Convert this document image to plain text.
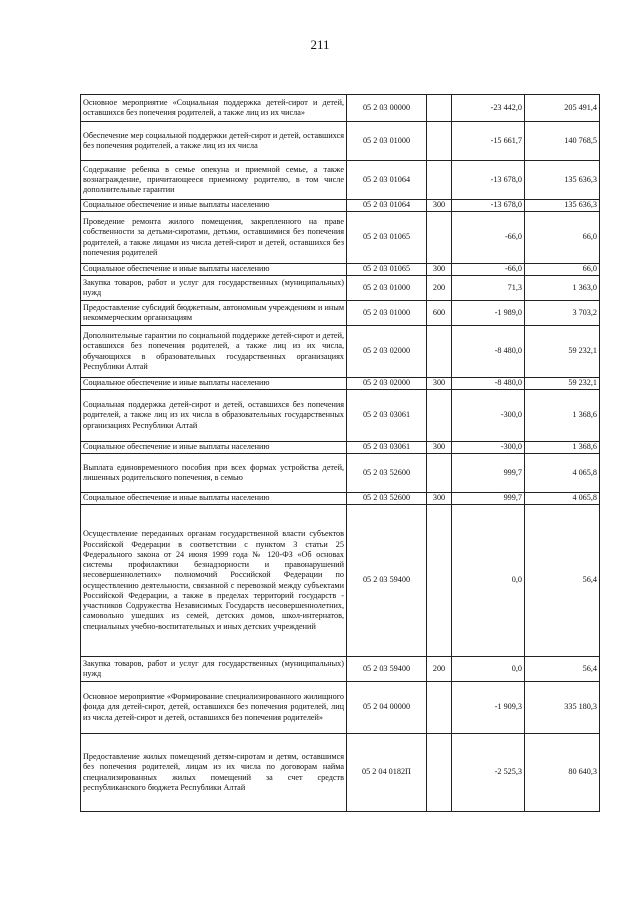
211
Основное мероприятие «Социальная поддержка детей-сирот и детей, оставшихся без попечения родителей, а также лиц из их числа»	05 2 03 00000		-23 442,0	205 491,4
Обеспечение мер социальной поддержки детей-сирот и детей, оставшихся без попечения родителей, а также лиц из их числа	05 2 03 01000		-15 661,7	140 768,5
Содержание ребенка в семье опекуна и приемной семье, а также вознаграждение, причитающееся приемному родителю, в том числе дополнительные гарантии	05 2 03 01064		-13 678,0	135 636,3
Социальное обеспечение и иные выплаты населению	05 2 03 01064	300	-13 678,0	135 636,3
Проведение ремонта жилого помещения, закрепленного на праве собственности за детьми-сиротами, детьми, оставшимися без попечения родителей, а также лицами из числа детей-сирот и детей, оставшихся без попечения родителей	05 2 03 01065		-66,0	66,0
Социальное обеспечение и иные выплаты населению	05 2 03 01065	300	-66,0	66,0
Закупка товаров, работ и услуг для государственных (муниципальных) нужд	05 2 03 01000	200	71,3	1 363,0
Предоставление субсидий бюджетным, автономным учреждениям и иным некоммерческим организациям	05 2 03 01000	600	-1 989,0	3 703,2
Дополнительные гарантии по социальной поддержке детей-сирот и детей, оставшихся без попечения родителей, а также лиц из их числа, обучающихся в образовательных государственных организациях Республики Алтай	05 2 03 02000		-8 480,0	59 232,1
Социальное обеспечение и иные выплаты населению	05 2 03 02000	300	-8 480,0	59 232,1
Социальная поддержка детей-сирот и детей, оставшихся без попечения родителей, а также лиц из их числа в образовательных государственных организациях Республики Алтай	05 2 03 03061		-300,0	1 368,6
Социальное обеспечение и иные выплаты населению	05 2 03 03061	300	-300,0	1 368,6
Выплата единовременного пособия при всех формах устройства детей, лишенных родительского попечения, в семью	05 2 03 52600		999,7	4 065,8
Социальное обеспечение и иные выплаты населению	05 2 03 52600	300	999,7	4 065,8
Осуществление переданных органам государственной власти субъектов Российской Федерации в соответствии с пунктом 3 статьи 25 Федерального закона от 24 июня 1999 года № 120-ФЗ «Об основах системы профилактики безнадзорности и правонарушений несовершеннолетних» полномочий Российской Федерации по осуществлению деятельности, связанной с перевозкой между субъектами Российской Федерации, а также в пределах территорий государств - участников Содружества Независимых Государств несовершеннолетних, самовольно ушедших из семей, детских домов, школ-интернатов, специальных учебно-воспитательных и иных детских учреждений	05 2 03 59400		0,0	56,4
Закупка товаров, работ и услуг для государственных (муниципальных) нужд	05 2 03 59400	200	0,0	56,4
Основное мероприятие «Формирование специализированного жилищного фонда для детей-сирот, детей, оставшихся без попечения родителей, лиц из числа детей-сирот и детей, оставшихся без попечения родителей»	05 2 04 00000		-1 909,3	335 180,3
Предоставление жилых помещений детям-сиротам и детям, оставшимся без попечения родителей, лицам из их числа по договорам найма специализированных жилых помещений за счет средств республиканского бюджета Республики Алтай	05 2 04 0182П		-2 525,3	80 640,3
